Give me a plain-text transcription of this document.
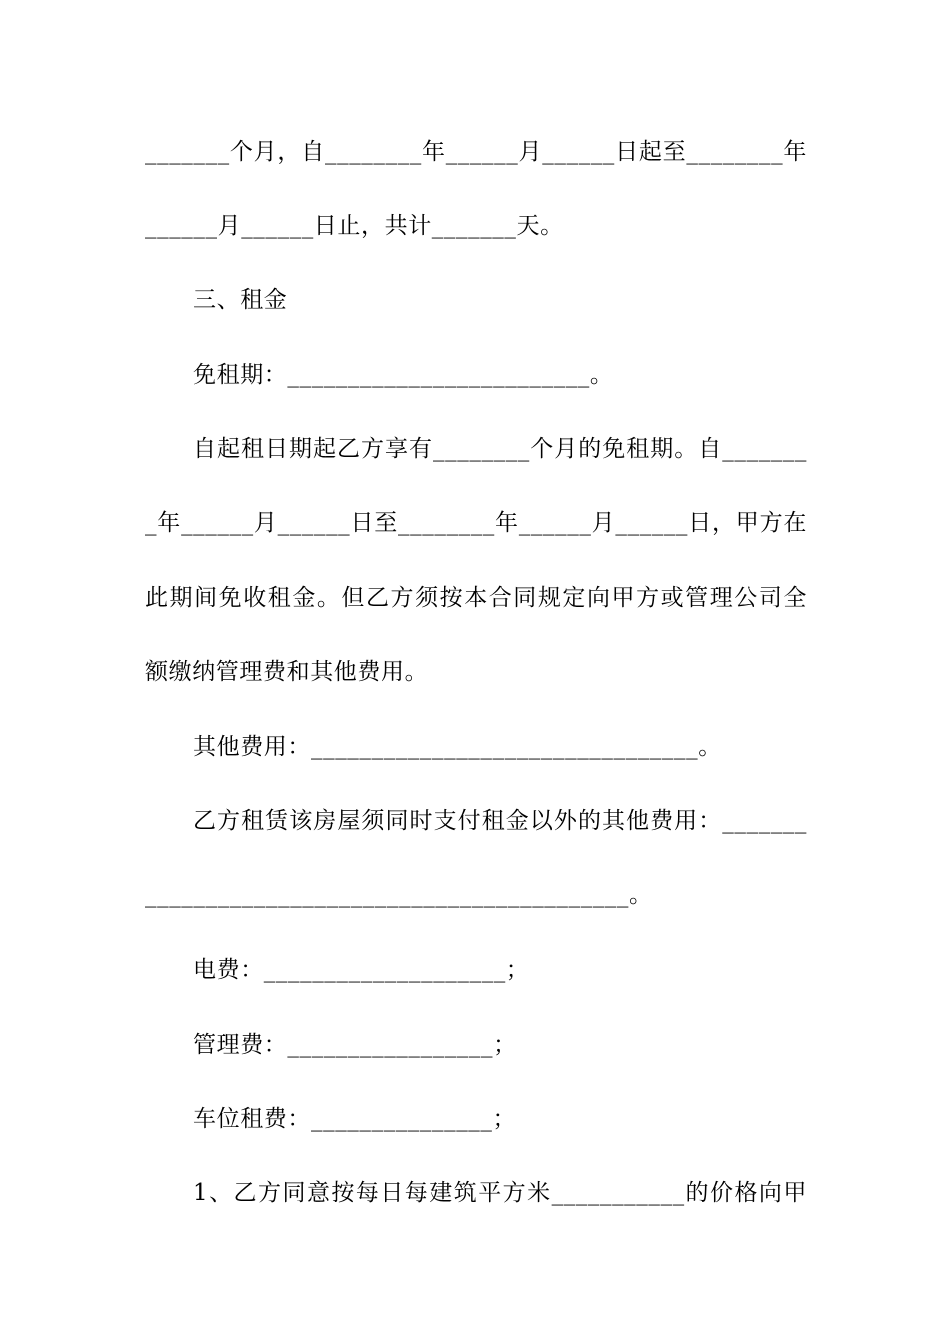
_______个月，自________年______月______日起至________年
______月______日止，共计_______天。
三、租金
免租期：_________________________。
自起租日期起乙方享有________个月的免租期。自_______
_年______月______日至________年______月______日，甲方在
此期间免收租金。但乙方须按本合同规定向甲方或管理公司全
额缴纳管理费和其他费用。
其他费用：________________________________。
乙方租赁该房屋须同时支付租金以外的其他费用：_______
________________________________________。
电费：____________________；
管理费：_________________；
车位租费：_______________；
1、乙方同意按每日每建筑平方米___________的价格向甲
